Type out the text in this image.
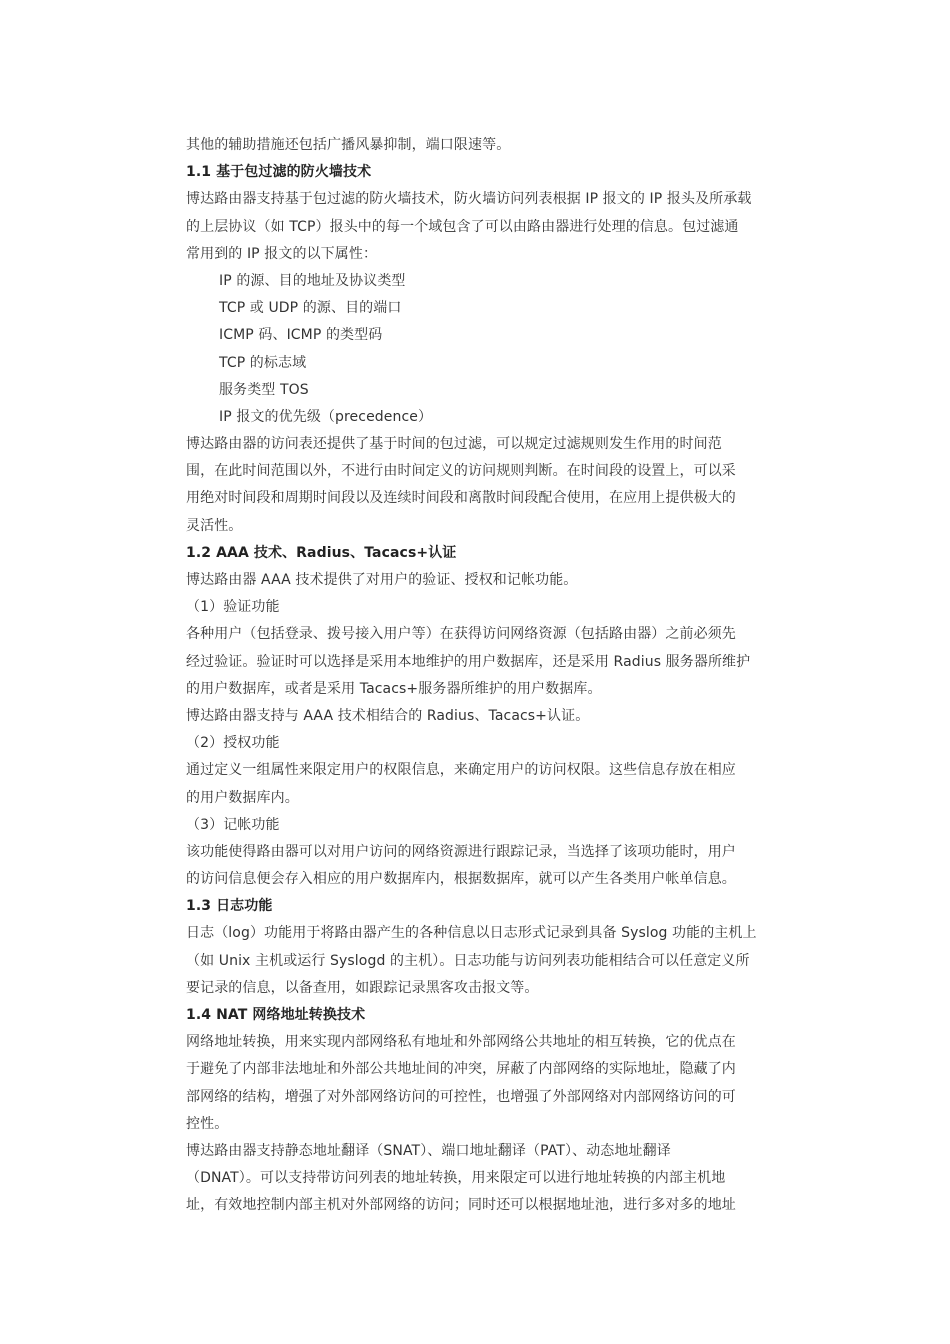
其他的辅助措施还包括广播风暴抑制，端口限速等。
1.1 基于包过滤的防火墙技术
博达路由器支持基于包过滤的防火墙技术，防火墙访问列表根据 IP 报文的 IP 报头及所承载
的上层协议（如 TCP）报头中的每一个域包含了可以由路由器进行处理的信息。包过滤通
常用到的 IP 报文的以下属性：
IP 的源、目的地址及协议类型
TCP 或 UDP 的源、目的端口
ICMP 码、ICMP 的类型码
TCP 的标志域
服务类型 TOS
IP 报文的优先级（precedence）
博达路由器的访问表还提供了基于时间的包过滤，可以规定过滤规则发生作用的时间范
围，在此时间范围以外，不进行由时间定义的访问规则判断。在时间段的设置上，可以采
用绝对时间段和周期时间段以及连续时间段和离散时间段配合使用，在应用上提供极大的
灵活性。
1.2 AAA 技术、Radius、Tacacs+认证
博达路由器 AAA 技术提供了对用户的验证、授权和记帐功能。
（1）验证功能
各种用户（包括登录、拨号接入用户等）在获得访问网络资源（包括路由器）之前必须先
经过验证。验证时可以选择是采用本地维护的用户数据库，还是采用 Radius 服务器所维护
的用户数据库，或者是采用 Tacacs+服务器所维护的用户数据库。
博达路由器支持与 AAA 技术相结合的 Radius、Tacacs+认证。
（2）授权功能
通过定义一组属性来限定用户的权限信息，来确定用户的访问权限。这些信息存放在相应
的用户数据库内。
（3）记帐功能
该功能使得路由器可以对用户访问的网络资源进行跟踪记录，当选择了该项功能时，用户
的访问信息便会存入相应的用户数据库内，根据数据库，就可以产生各类用户帐单信息。
1.3 日志功能
日志（log）功能用于将路由器产生的各种信息以日志形式记录到具备 Syslog 功能的主机上
（如 Unix 主机或运行 Syslogd 的主机）。日志功能与访问列表功能相结合可以任意定义所
要记录的信息，以备查用，如跟踪记录黑客攻击报文等。
1.4 NAT 网络地址转换技术
网络地址转换，用来实现内部网络私有地址和外部网络公共地址的相互转换，它的优点在
于避免了内部非法地址和外部公共地址间的冲突，屏蔽了内部网络的实际地址，隐藏了内
部网络的结构，增强了对外部网络访问的可控性，也增强了外部网络对内部网络访问的可
控性。
博达路由器支持静态地址翻译（SNAT）、端口地址翻译（PAT）、动态地址翻译
（DNAT）。可以支持带访问列表的地址转换，用来限定可以进行地址转换的内部主机地
址，有效地控制内部主机对外部网络的访问；同时还可以根据地址池，进行多对多的地址
